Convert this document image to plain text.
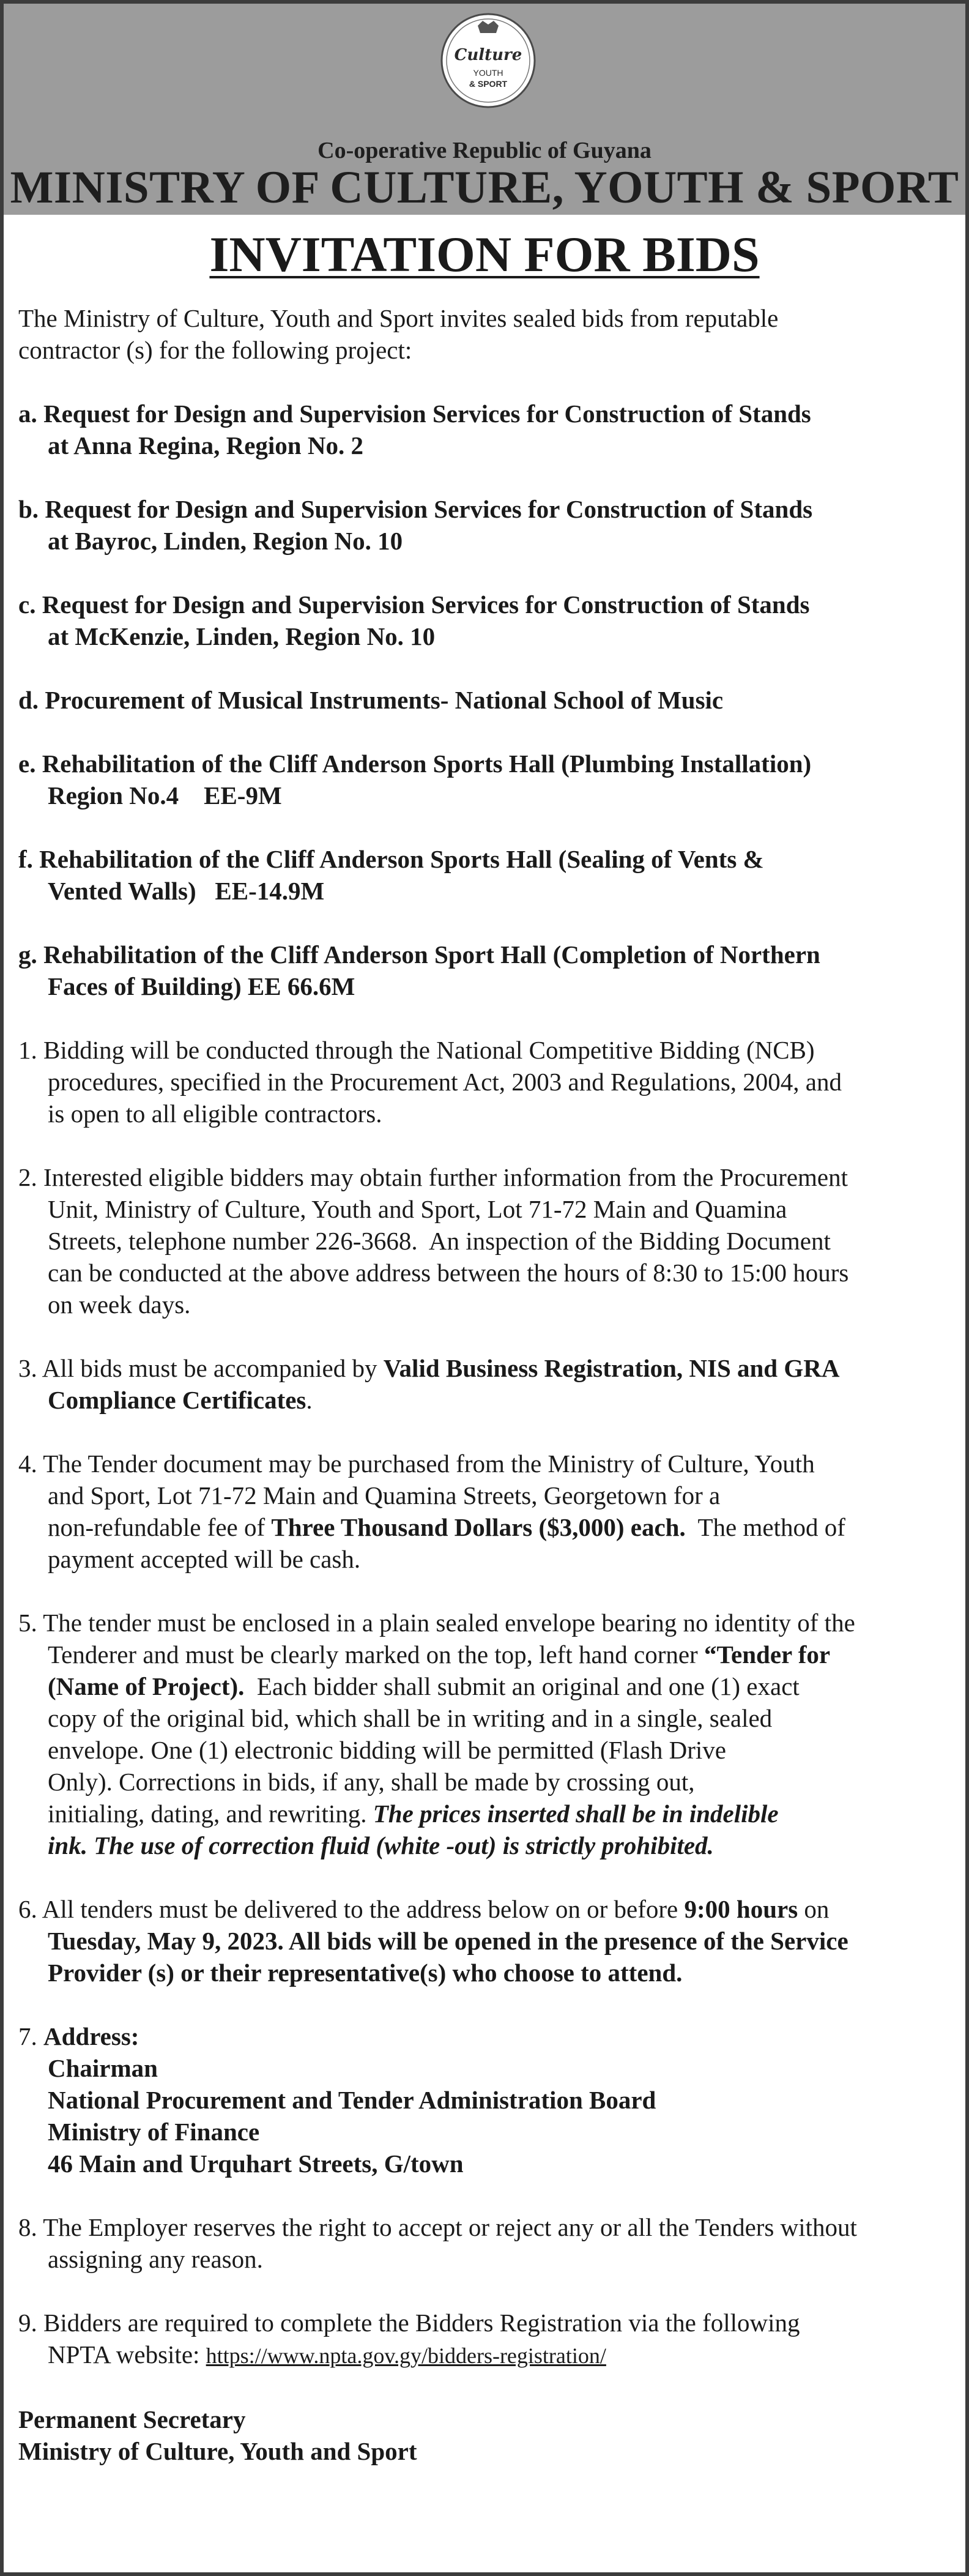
Culture
YOUTH
& SPORT
Co-operative Republic of Guyana
MINISTRY OF CULTURE, YOUTH & SPORT
INVITATION FOR BIDS

The Ministry of Culture, Youth and Sport invites sealed bids from reputable
contractor (s) for the following project:

a. Request for Design and Supervision Services for Construction of Stands
at Anna Regina, Region No. 2

b. Request for Design and Supervision Services for Construction of Stands
at Bayroc, Linden, Region No. 10

c. Request for Design and Supervision Services for Construction of Stands
at McKenzie, Linden, Region No. 10

d. Procurement of Musical Instruments- National School of Music

e. Rehabilitation of the Cliff Anderson Sports Hall (Plumbing Installation)
Region No.4    EE-9M

f. Rehabilitation of the Cliff Anderson Sports Hall (Sealing of Vents &
Vented Walls)   EE-14.9M

g. Rehabilitation of the Cliff Anderson Sport Hall (Completion of Northern
Faces of Building) EE 66.6M

1. Bidding will be conducted through the National Competitive Bidding (NCB)
procedures, specified in the Procurement Act, 2003 and Regulations, 2004, and
is open to all eligible contractors.

2. Interested eligible bidders may obtain further information from the Procurement
Unit, Ministry of Culture, Youth and Sport, Lot 71-72 Main and Quamina
Streets, telephone number 226-3668.  An inspection of the Bidding Document
can be conducted at the above address between the hours of 8:30 to 15:00 hours
on week days.

3. All bids must be accompanied by Valid Business Registration, NIS and GRA
Compliance Certificates.

4. The Tender document may be purchased from the Ministry of Culture, Youth
and Sport, Lot 71-72 Main and Quamina Streets, Georgetown for a
non-refundable fee of Three Thousand Dollars ($3,000) each.  The method of
payment accepted will be cash.

5. The tender must be enclosed in a plain sealed envelope bearing no identity of the
Tenderer and must be clearly marked on the top, left hand corner “Tender for
(Name of Project).  Each bidder shall submit an original and one (1) exact
copy of the original bid, which shall be in writing and in a single, sealed
envelope. One (1) electronic bidding will be permitted (Flash Drive
Only). Corrections in bids, if any, shall be made by crossing out,
initialing, dating, and rewriting. The prices inserted shall be in indelible
ink. The use of correction fluid (white -out) is strictly prohibited.

6. All tenders must be delivered to the address below on or before 9:00 hours on
Tuesday, May 9, 2023. All bids will be opened in the presence of the Service
Provider (s) or their representative(s) who choose to attend.

7. Address:
Chairman
National Procurement and Tender Administration Board
Ministry of Finance
46 Main and Urquhart Streets, G/town

8. The Employer reserves the right to accept or reject any or all the Tenders without
assigning any reason.

9. Bidders are required to complete the Bidders Registration via the following
NPTA website: https://www.npta.gov.gy/bidders-registration/

Permanent Secretary

Ministry of Culture, Youth and Sport
